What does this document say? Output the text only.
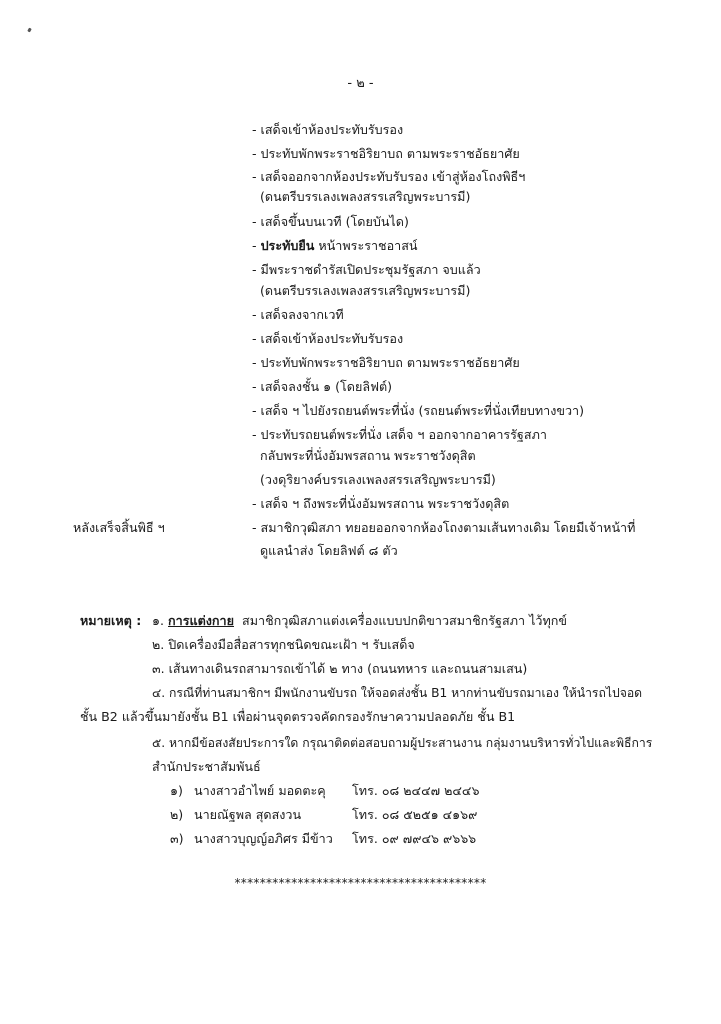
- ๒ -
- เสด็จเข้าห้องประทับรับรอง
- ประทับพักพระราชอิริยาบถ ตามพระราชอัธยาศัย
- เสด็จออกจากห้องประทับรับรอง เข้าสู่ห้องโถงพิธีฯ
(ดนตรีบรรเลงเพลงสรรเสริญพระบารมี)
- เสด็จขึ้นบนเวที (โดยบันได)
- ประทับยืน หน้าพระราชอาสน์
- มีพระราชดำรัสเปิดประชุมรัฐสภา จบแล้ว
(ดนตรีบรรเลงเพลงสรรเสริญพระบารมี)
- เสด็จลงจากเวที
- เสด็จเข้าห้องประทับรับรอง
- ประทับพักพระราชอิริยาบถ ตามพระราชอัธยาศัย
- เสด็จลงชั้น ๑ (โดยลิฟต์)
- เสด็จ ฯ ไปยังรถยนต์พระที่นั่ง (รถยนต์พระที่นั่งเทียบทางขวา)
- ประทับรถยนต์พระที่นั่ง เสด็จ ฯ ออกจากอาคารรัฐสภา
กลับพระที่นั่งอัมพรสถาน พระราชวังดุสิต
(วงดุริยางค์บรรเลงเพลงสรรเสริญพระบารมี)
- เสด็จ ฯ ถึงพระที่นั่งอัมพรสถาน พระราชวังดุสิต
- สมาชิกวุฒิสภา ทยอยออกจากห้องโถงตามเส้นทางเดิม โดยมีเจ้าหน้าที่
ดูแลนำส่ง โดยลิฟต์ ๘ ตัว
หลังเสร็จสิ้นพิธี ฯ
หมายเหตุ : ๑. การแต่งกาย สมาชิกวุฒิสภาแต่งเครื่องแบบปกติขาวสมาชิกรัฐสภา ไว้ทุกข์
๒. ปิดเครื่องมือสื่อสารทุกชนิดขณะเฝ้า ฯ รับเสด็จ
๓. เส้นทางเดินรถสามารถเข้าได้ ๒ ทาง (ถนนทหาร และถนนสามเสน)
๔. กรณีที่ท่านสมาชิกฯ มีพนักงานขับรถ ให้จอดส่งชั้น B1 หากท่านขับรถมาเอง ให้นำรถไปจอด
ชั้น B2 แล้วขึ้นมายังชั้น B1 เพื่อผ่านจุดตรวจคัดกรองรักษาความปลอดภัย ชั้น B1
๕. หากมีข้อสงสัยประการใด กรุณาติดต่อสอบถามผู้ประสานงาน กลุ่มงานบริหารทั่วไปและพิธีการ
สำนักประชาสัมพันธ์
๑) นางสาวอำไพย์ มอดตะคุ โทร. ๐๘ ๒๔๔๗ ๒๔๔๖
๒) นายณัฐพล สุดสงวน	โทร. ๐๘ ๕๒๕๑ ๔๑๖๙
๓) นางสาวบุญญ์อภิศร มีข้าว โทร. ๐๙ ๗๙๔๖ ๙๖๖๖
****************************************
